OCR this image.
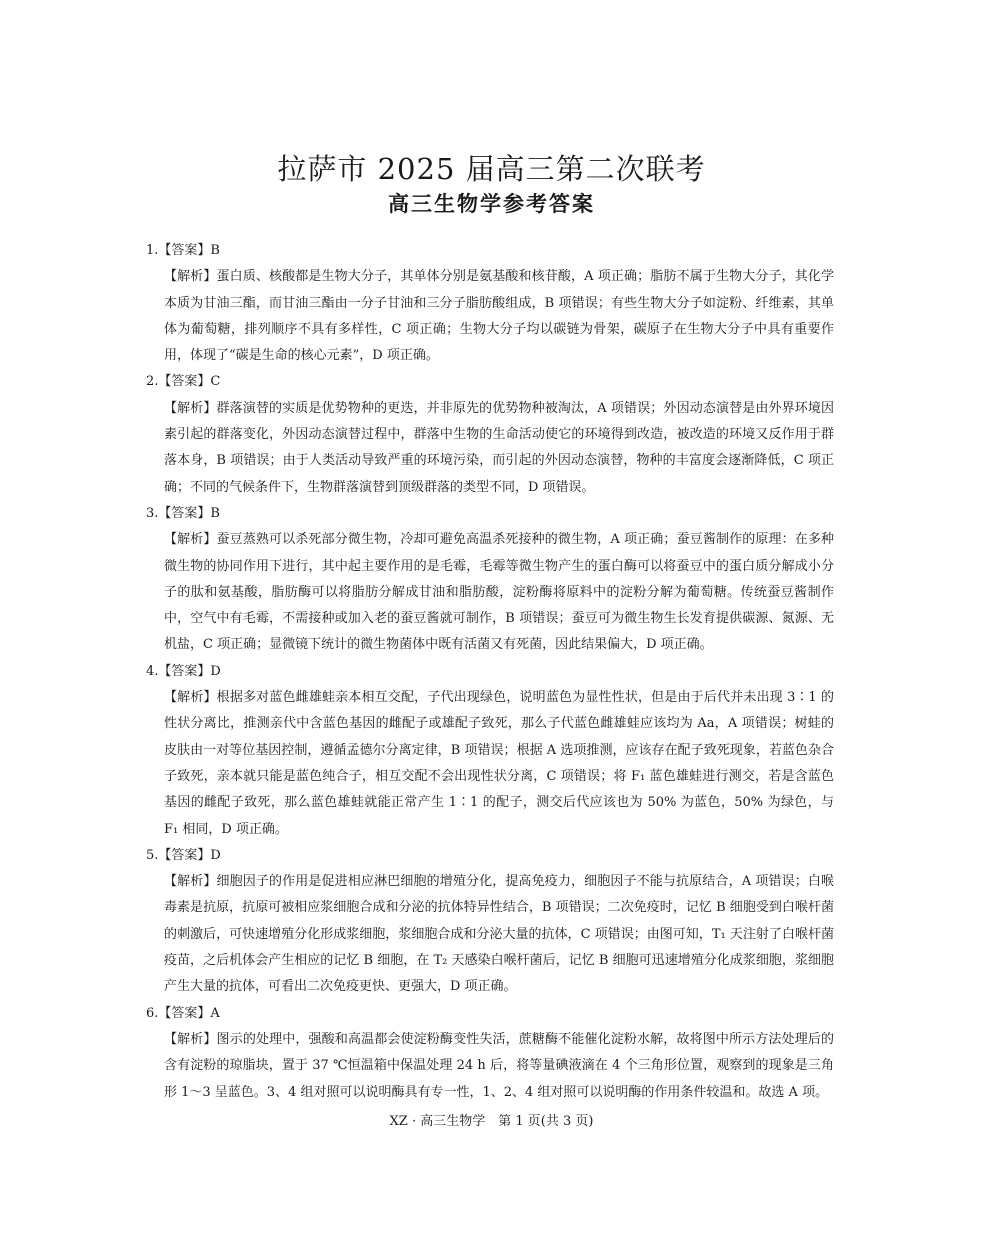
拉萨市 2025 届高三第二次联考
高三生物学参考答案

1.【答案】B

【解析】蛋白质、核酸都是生物大分子，其单体分别是氨基酸和核苷酸，A 项正确；脂肪不属于生物大分子，其化学本质为甘油三酯，而甘油三酯由一分子甘油和三分子脂肪酸组成，B 项错误；有些生物大分子如淀粉、纤维素，其单体为葡萄糖，排列顺序不具有多样性，C 项正确；生物大分子均以碳链为骨架，碳原子在生物大分子中具有重要作用，体现了“碳是生命的核心元素”，D 项正确。

2.【答案】C

【解析】群落演替的实质是优势物种的更迭，并非原先的优势物种被淘汰，A 项错误；外因动态演替是由外界环境因素引起的群落变化，外因动态演替过程中，群落中生物的生命活动使它的环境得到改造，被改造的环境又反作用于群落本身，B 项错误；由于人类活动导致严重的环境污染，而引起的外因动态演替，物种的丰富度会逐渐降低，C 项正确；不同的气候条件下，生物群落演替到顶级群落的类型不同，D 项错误。

3.【答案】B

【解析】蚕豆蒸熟可以杀死部分微生物，冷却可避免高温杀死接种的微生物，A 项正确；蚕豆酱制作的原理：在多种微生物的协同作用下进行，其中起主要作用的是毛霉，毛霉等微生物产生的蛋白酶可以将蚕豆中的蛋白质分解成小分子的肽和氨基酸，脂肪酶可以将脂肪分解成甘油和脂肪酸，淀粉酶将原料中的淀粉分解为葡萄糖。传统蚕豆酱制作中，空气中有毛霉，不需接种或加入老的蚕豆酱就可制作，B 项错误；蚕豆可为微生物生长发育提供碳源、氮源、无机盐，C 项正确；显微镜下统计的微生物菌体中既有活菌又有死菌，因此结果偏大，D 项正确。

4.【答案】D

【解析】根据多对蓝色雌雄蛙亲本相互交配，子代出现绿色，说明蓝色为显性性状，但是由于后代并未出现 3∶1 的性状分离比，推测亲代中含蓝色基因的雌配子或雄配子致死，那么子代蓝色雌雄蛙应该均为 Aa，A 项错误；树蛙的皮肤由一对等位基因控制，遵循孟德尔分离定律，B 项错误；根据 A 选项推测，应该存在配子致死现象，若蓝色杂合子致死，亲本就只能是蓝色纯合子，相互交配不会出现性状分离，C 项错误；将 F₁ 蓝色雄蛙进行测交，若是含蓝色基因的雌配子致死，那么蓝色雄蛙就能正常产生 1∶1 的配子，测交后代应该也为 50% 为蓝色，50% 为绿色，与 F₁ 相同，D 项正确。

5.【答案】D

【解析】细胞因子的作用是促进相应淋巴细胞的增殖分化，提高免疫力，细胞因子不能与抗原结合，A 项错误；白喉毒素是抗原，抗原可被相应浆细胞合成和分泌的抗体特异性结合，B 项错误；二次免疫时，记忆 B 细胞受到白喉杆菌的刺激后，可快速增殖分化形成浆细胞，浆细胞合成和分泌大量的抗体，C 项错误；由图可知，T₁ 天注射了白喉杆菌疫苗，之后机体会产生相应的记忆 B 细胞，在 T₂ 天感染白喉杆菌后，记忆 B 细胞可迅速增殖分化成浆细胞，浆细胞产生大量的抗体，可看出二次免疫更快、更强大，D 项正确。

6.【答案】A

【解析】图示的处理中，强酸和高温都会使淀粉酶变性失活，蔗糖酶不能催化淀粉水解，故将图中所示方法处理后的含有淀粉的琼脂块，置于 37 ℃恒温箱中保温处理 24 h 后，将等量碘液滴在 4 个三角形位置，观察到的现象是三角形 1～3 呈蓝色。3、4 组对照可以说明酶具有专一性，1、2、4 组对照可以说明酶的作用条件较温和。故选 A 项。

XZ · 高三生物学　第 1 页(共 3 页)
